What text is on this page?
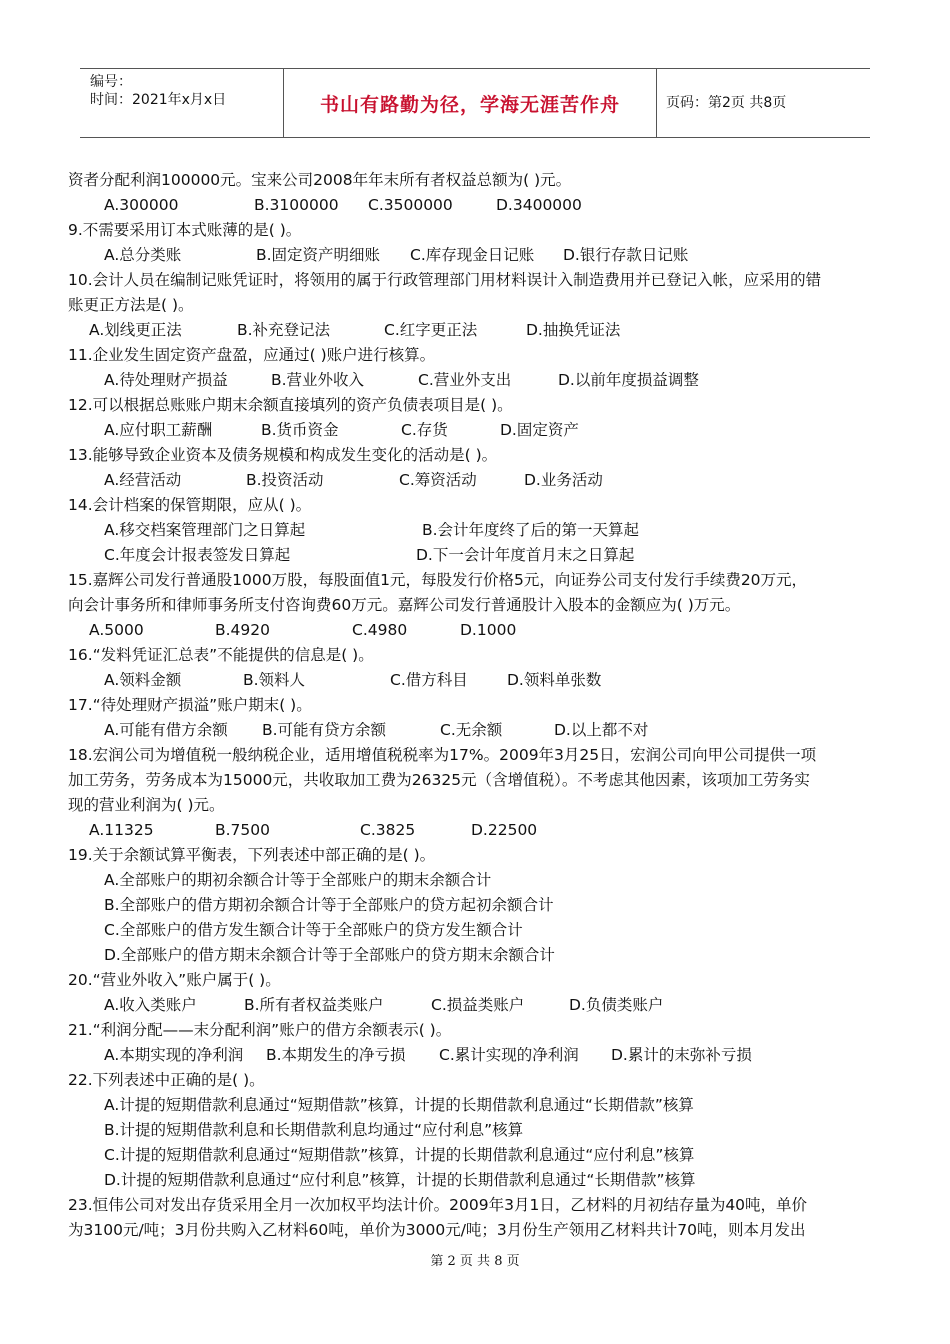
编号：
时间：2021年x月x日	书山有路勤为径，学海无涯苦作舟	页码：第2页 共8页
资者分配利润100000元。宝来公司2008年年末所有者权益总额为( )元。
A.300000	B.3100000 C.3500000	D.3400000
9.不需要采用订本式账薄的是( )。
A.总分类账	B.固定资产明细账 C.库存现金日记账 D.银行存款日记账
10.会计人员在编制记账凭证时，将领用的属于行政管理部门用材料误计入制造费用并已登记入帐，应采用的错
账更正方法是( )。
A.划线更正法	B.补充登记法	C.红字更正法	D.抽换凭证法
11.企业发生固定资产盘盈，应通过( )账户进行核算。
A.待处理财产损益	B.营业外收入	C.营业外支出	D.以前年度损益调整
12.可以根据总账账户期末余额直接填列的资产负债表项目是( )。
A.应付职工薪酬	B.货币资金	C.存货	D.固定资产
13.能够导致企业资本及债务规模和构成发生变化的活动是( )。
A.经营活动	B.投资活动	C.筹资活动	D.业务活动
14.会计档案的保管期限，应从( )。
A.移交档案管理部门之日算起	B.会计年度终了后的第一天算起
C.年度会计报表签发日算起	D.下一会计年度首月末之日算起
15.嘉辉公司发行普通股1000万股，每股面值1元，每股发行价格5元，向证券公司支付发行手续费20万元，
向会计事务所和律师事务所支付咨询费60万元。嘉辉公司发行普通股计入股本的金额应为( )万元。
A.5000	B.4920	C.4980	D.1000
16.“发料凭证汇总表”不能提供的信息是( )。
A.领料金额	B.领料人	C.借方科目	D.领料单张数
17.“待处理财产损溢”账户期末( )。
A.可能有借方余额 B.可能有贷方余额	C.无余额	D.以上都不对
18.宏润公司为增值税一般纳税企业，适用增值税税率为17%。2009年3月25日，宏润公司向甲公司提供一项
加工劳务，劳务成本为15000元，共收取加工费为26325元（含增值税）。不考虑其他因素，该项加工劳务实
现的营业利润为( )元。
A.11325	B.7500	C.3825	D.22500
19.关于余额试算平衡表，下列表述中部正确的是( )。
A.全部账户的期初余额合计等于全部账户的期末余额合计
B.全部账户的借方期初余额合计等于全部账户的贷方起初余额合计
C.全部账户的借方发生额合计等于全部账户的贷方发生额合计
D.全部账户的借方期末余额合计等于全部账户的贷方期末余额合计
20.“营业外收入”账户属于( )。
A.收入类账户	B.所有者权益类账户	C.损益类账户	D.负债类账户
21.“利润分配——末分配利润”账户的借方余额表示( )。
A.本期实现的净利润 B.本期发生的净亏损 C.累计实现的净利润 D.累计的末弥补亏损
22.下列表述中正确的是( )。
A.计提的短期借款利息通过“短期借款”核算，计提的长期借款利息通过“长期借款”核算
B.计提的短期借款利息和长期借款利息均通过“应付利息”核算
C.计提的短期借款利息通过“短期借款”核算，计提的长期借款利息通过“应付利息”核算
D.计提的短期借款利息通过“应付利息”核算，计提的长期借款利息通过“长期借款”核算
23.恒伟公司对发出存货采用全月一次加权平均法计价。2009年3月1日，乙材料的月初结存量为40吨，单价
为3100元/吨；3月份共购入乙材料60吨，单价为3000元/吨；3月份生产领用乙材料共计70吨，则本月发出
第 2 页 共 8 页
